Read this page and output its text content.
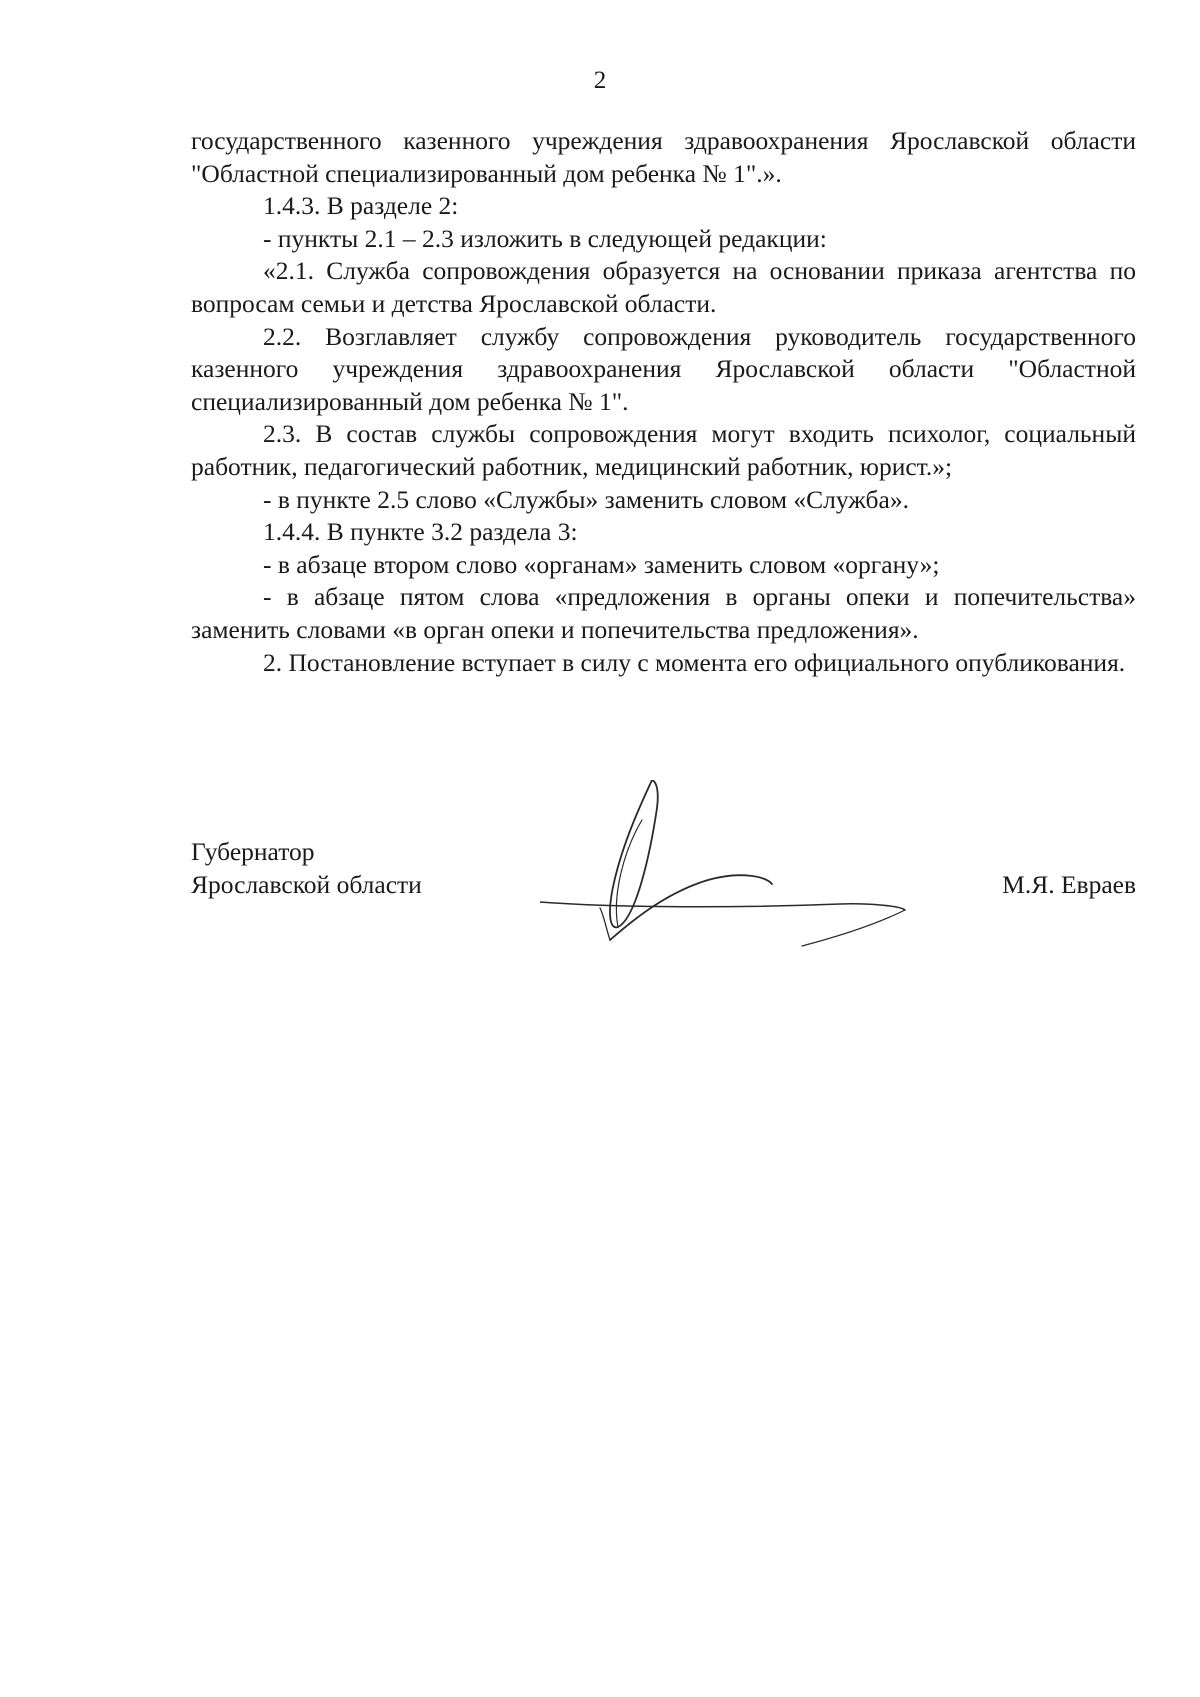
2

государственного казенного учреждения здравоохранения Ярославской области "Областной специализированный дом ребенка № 1".».

1.4.3. В разделе 2:

- пункты 2.1 – 2.3 изложить в следующей редакции:

«2.1. Служба сопровождения образуется на основании приказа агентства по вопросам семьи и детства Ярославской области.

2.2. Возглавляет службу сопровождения руководитель государственного казенного учреждения здравоохранения Ярославской области "Областной специализированный дом ребенка № 1".

2.3. В состав службы сопровождения могут входить психолог, социальный работник, педагогический работник, медицинский работник, юрист.»;

- в пункте 2.5 слово «Службы» заменить словом «Служба».

1.4.4. В пункте 3.2 раздела 3:

- в абзаце втором слово «органам» заменить словом «органу»;

- в абзаце пятом слова «предложения в органы опеки и попечительства» заменить словами «в орган опеки и попечительства предложения».

2. Постановление вступает в силу с момента его официального опубликования.

Губернатор
Ярославской области	М.Я. Евраев
